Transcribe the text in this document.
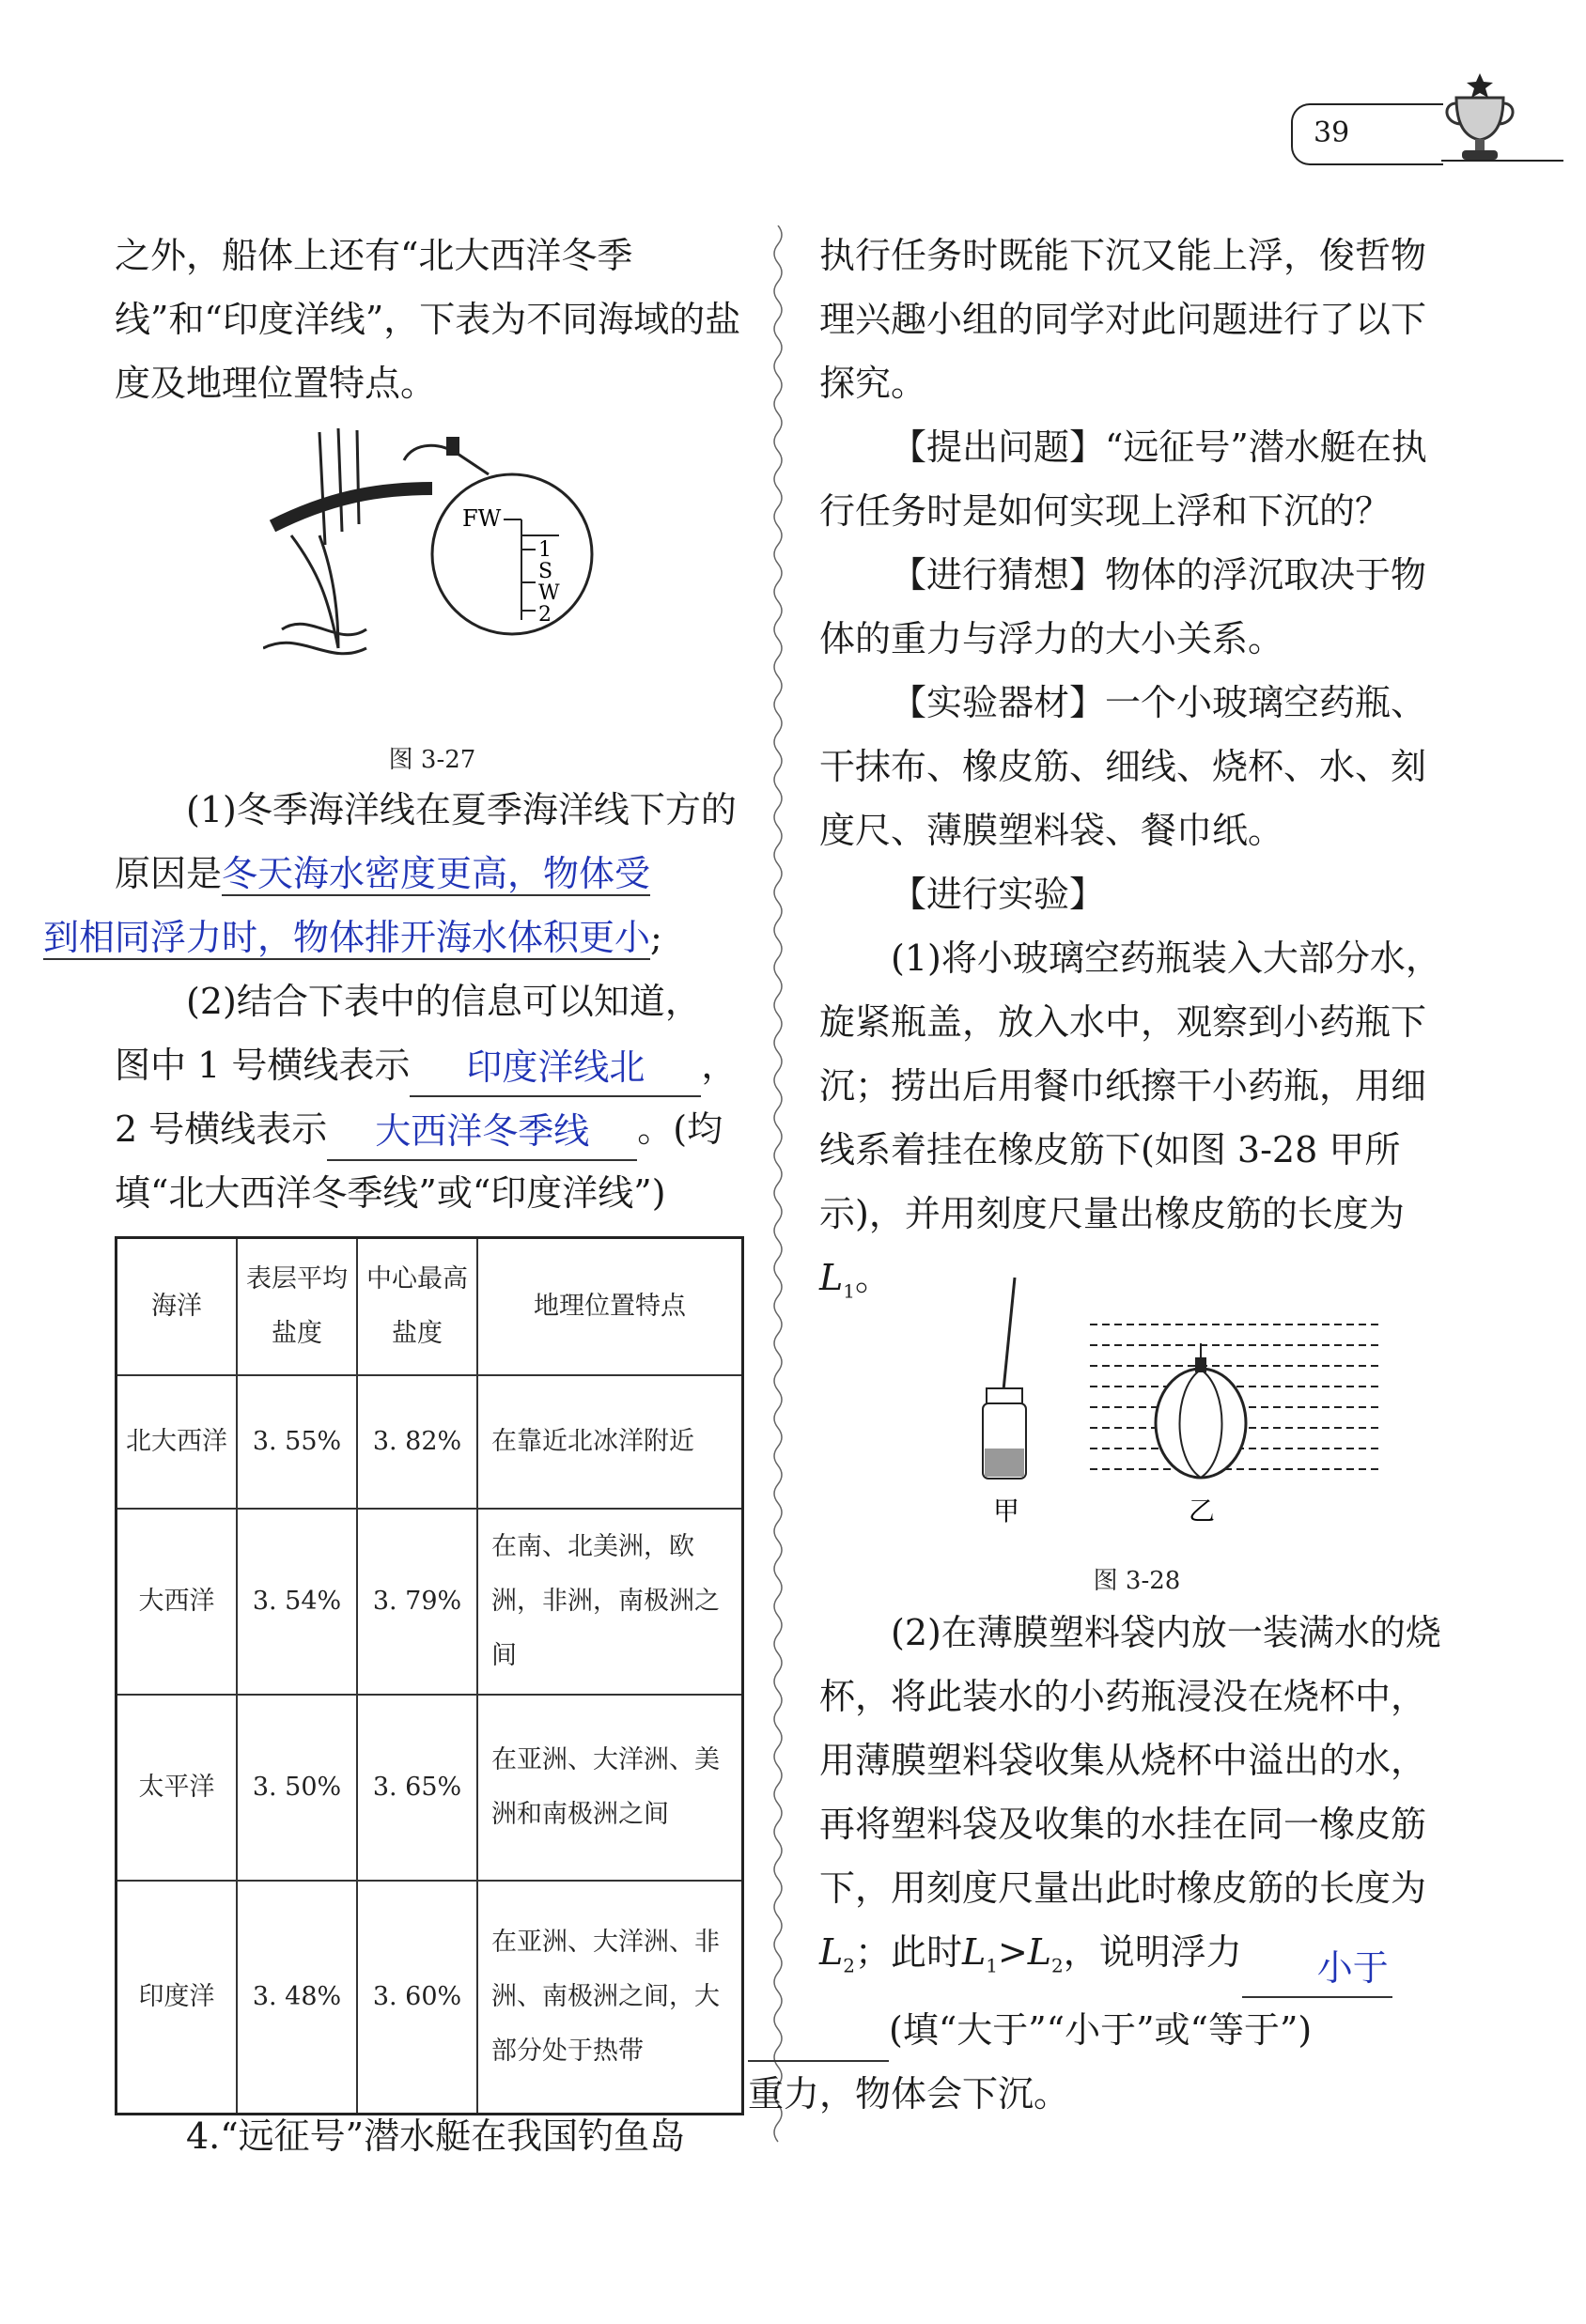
39

之外，船体上还有“北大西洋冬季线”和“印度洋线”，下表为不同海域的盐度及地理位置特点。

FW
1
S
W
2
图 3-27
(1)冬季海洋线在夏季海洋线下方的原因是冬天海水密度更高，物体受
到相同浮力时，物体排开海水体积更小;
(2)结合下表中的信息可以知道，
图中 1 号横线表示 印度洋线北 ，
2 号横线表示 大西洋冬季线 。(均
填“北大西洋冬季线”或“印度洋线”)
海洋	表层平均盐度	中心最高盐度	地理位置特点
北大西洋	3. 55%	3. 82%	在靠近北冰洋附近
大西洋	3. 54%	3. 79%	在南、北美洲，欧洲，非洲，南极洲之间
太平洋	3. 50%	3. 65%	在亚洲、大洋洲、美洲和南极洲之间
印度洋	3. 48%	3. 60%	在亚洲、大洋洲、非洲、南极洲之间，大部分处于热带

4.“远征号”潜水艇在我国钓鱼岛

执行任务时既能下沉又能上浮，俊哲物理兴趣小组的同学对此问题进行了以下探究。

【提出问题】“远征号”潜水艇在执行任务时是如何实现上浮和下沉的？

【进行猜想】物体的浮沉取决于物体的重力与浮力的大小关系。

【实验器材】一个小玻璃空药瓶、干抹布、橡皮筋、细线、烧杯、水、刻度尺、薄膜塑料袋、餐巾纸。

【进行实验】

(1)将小玻璃空药瓶装入大部分水，旋紧瓶盖，放入水中，观察到小药瓶下沉；捞出后用餐巾纸擦干小药瓶，用细线系着挂在橡皮筋下(如图 3-28 甲所示)，并用刻度尺量出橡皮筋的长度为$L_1$。
甲	乙
图 3-28
(2)在薄膜塑料袋内放一装满水的烧杯，将此装水的小药瓶浸没在烧杯中，用薄膜塑料袋收集从烧杯中溢出的水，再将塑料袋及收集的水挂在同一橡皮筋下，用刻度尺量出此时橡皮筋的长度为$L_2$；此时$L_1>L_2$，说明浮力 小于
(填“大于”“小于”或“等于”)
重力，物体会下沉。
